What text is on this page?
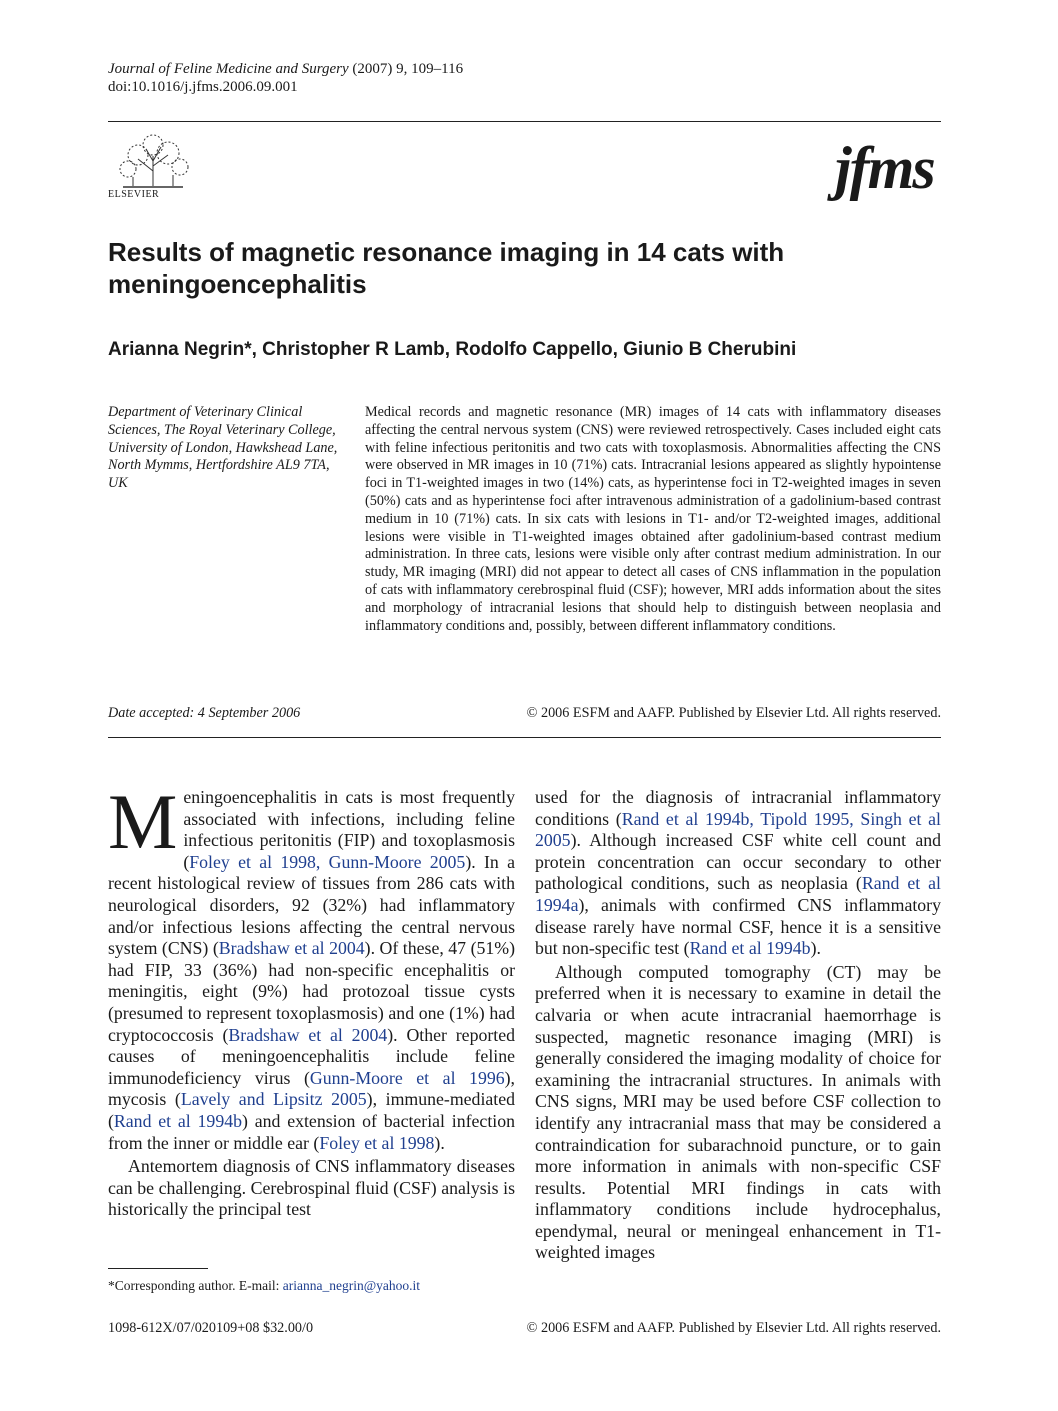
Journal of Feline Medicine and Surgery (2007) 9, 109–116
doi:10.1016/j.jfms.2006.09.001
ELSEVIER	jfms
Results of magnetic resonance imaging in 14 cats with meningoencephalitis
Arianna Negrin*, Christopher R Lamb, Rodolfo Cappello, Giunio B Cherubini
Department of Veterinary Clinical Sciences, The Royal Veterinary College, University of London, Hawkshead Lane, North Mymms, Hertfordshire AL9 7TA, UK
Date accepted: 4 September 2006
Medical records and magnetic resonance (MR) images of 14 cats with inflammatory diseases affecting the central nervous system (CNS) were reviewed retrospectively. Cases included eight cats with feline infectious peritonitis and two cats with toxoplasmosis. Abnormalities affecting the CNS were observed in MR images in 10 (71%) cats. Intracranial lesions appeared as slightly hypointense foci in T1-weighted images in two (14%) cats, as hyperintense foci in T2-weighted images in seven (50%) cats and as hyperintense foci after intravenous administration of a gadolinium-based contrast medium in 10 (71%) cats. In six cats with lesions in T1- and/or T2-weighted images, additional lesions were visible in T1-weighted images obtained after gadolinium-based contrast medium administration. In three cats, lesions were visible only after contrast medium administration. In our study, MR imaging (MRI) did not appear to detect all cases of CNS inflammation in the population of cats with inflammatory cerebrospinal fluid (CSF); however, MRI adds information about the sites and morphology of intracranial lesions that should help to distinguish between neoplasia and inflammatory conditions and, possibly, between different inflammatory conditions.
© 2006 ESFM and AAFP. Published by Elsevier Ltd. All rights reserved.

Meningoencephalitis in cats is most frequently associated with infections, including feline infectious peritonitis (FIP) and toxoplasmosis (Foley et al 1998, Gunn-Moore 2005). In a recent histological review of tissues from 286 cats with neurological disorders, 92 (32%) had inflammatory and/or infectious lesions affecting the central nervous system (CNS) (Bradshaw et al 2004). Of these, 47 (51%) had FIP, 33 (36%) had non-specific encephalitis or meningitis, eight (9%) had protozoal tissue cysts (presumed to represent toxoplasmosis) and one (1%) had cryptococcosis (Bradshaw et al 2004). Other reported causes of meningoencephalitis include feline immunodeficiency virus (Gunn-Moore et al 1996), mycosis (Lavely and Lipsitz 2005), immune-mediated (Rand et al 1994b) and extension of bacterial infection from the inner or middle ear (Foley et al 1998).

Antemortem diagnosis of CNS inflammatory diseases can be challenging. Cerebrospinal fluid (CSF) analysis is historically the principal test

used for the diagnosis of intracranial inflammatory conditions (Rand et al 1994b, Tipold 1995, Singh et al 2005). Although increased CSF white cell count and protein concentration can occur secondary to other pathological conditions, such as neoplasia (Rand et al 1994a), animals with confirmed CNS inflammatory disease rarely have normal CSF, hence it is a sensitive but non-specific test (Rand et al 1994b).

Although computed tomography (CT) may be preferred when it is necessary to examine in detail the calvaria or when acute intracranial haemorrhage is suspected, magnetic resonance imaging (MRI) is generally considered the imaging modality of choice for examining the intracranial structures. In animals with CNS signs, MRI may be used before CSF collection to identify any intracranial mass that may be considered a contraindication for subarachnoid puncture, or to gain more information in animals with non-specific CSF results. Potential MRI findings in cats with inflammatory conditions include hydrocephalus, ependymal, neural or meningeal enhancement in T1-weighted images

*Corresponding author. E-mail: arianna_negrin@yahoo.it
1098-612X/07/020109+08 $32.00/0	© 2006 ESFM and AAFP. Published by Elsevier Ltd. All rights reserved.
